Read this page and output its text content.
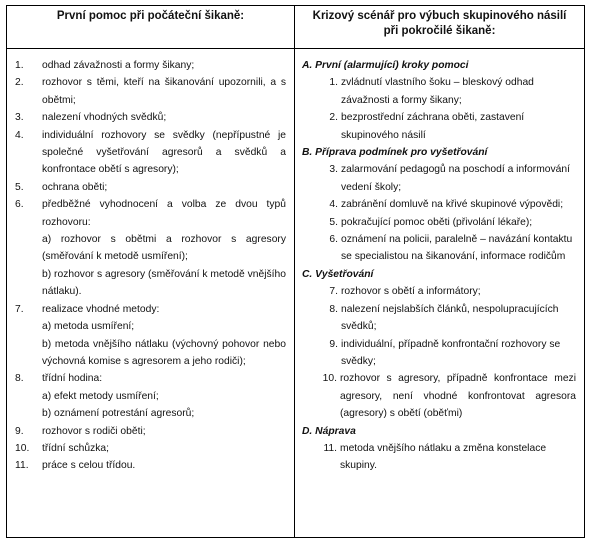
První pomoc při počáteční šikaně:
1. odhad závažnosti a formy šikany;
2. rozhovor s těmi, kteří na šikanování upozornili, a s obětmi;
3. nalezení vhodných svědků;
4. individuální rozhovory se svědky (nepřípustné je společné vyšetřování agresorů a svědků a konfrontace obětí s agresory);
5. ochrana oběti;
6. předběžné vyhodnocení a volba ze dvou typů rozhovoru:
a) rozhovor s obětmi a rozhovor s agresory (směřování k metodě usmíření);
b) rozhovor s agresory (směřování k metodě vnějšího nátlaku).
7. realizace vhodné metody:
a) metoda usmíření;
b) metoda vnějšího nátlaku (výchovný pohovor nebo výchovná komise s agresorem a jeho rodiči);
8. třídní hodina:
a) efekt metody usmíření;
b) oznámení potrestání agresorů;
9. rozhovor s rodiči oběti;
10. třídní schůzka;
11. práce s celou třídou.
Krizový scénář pro výbuch skupinového násilí
při pokročilé šikaně:
A. První (alarmující) kroky pomoci
1. zvládnutí vlastního šoku – bleskový odhad závažnosti a formy šikany;
2. bezprostřední záchrana oběti, zastavení skupinového násilí
B. Příprava podmínek pro vyšetřování
3. zalarmování pedagogů na poschodí a informování vedení školy;
4. zabránění domluvě na křivé skupinové výpovědi;
5. pokračující pomoc oběti (přivolání lékaře);
6. oznámení na policii, paralelně – navázání kontaktu se specialistou na šikanování, informace rodičům
C. Vyšetřování
7. rozhovor s obětí a informátory;
8. nalezení nejslabších článků, nespolupracujících svědků;
9. individuální, případně konfrontační rozhovory se svědky;
10. rozhovor s agresory, případně konfrontace mezi agresory, není vhodné konfrontovat agresora (agresory) s obětí (oběťmi)
D. Náprava
11. metoda vnějšího nátlaku a změna konstelace skupiny.
